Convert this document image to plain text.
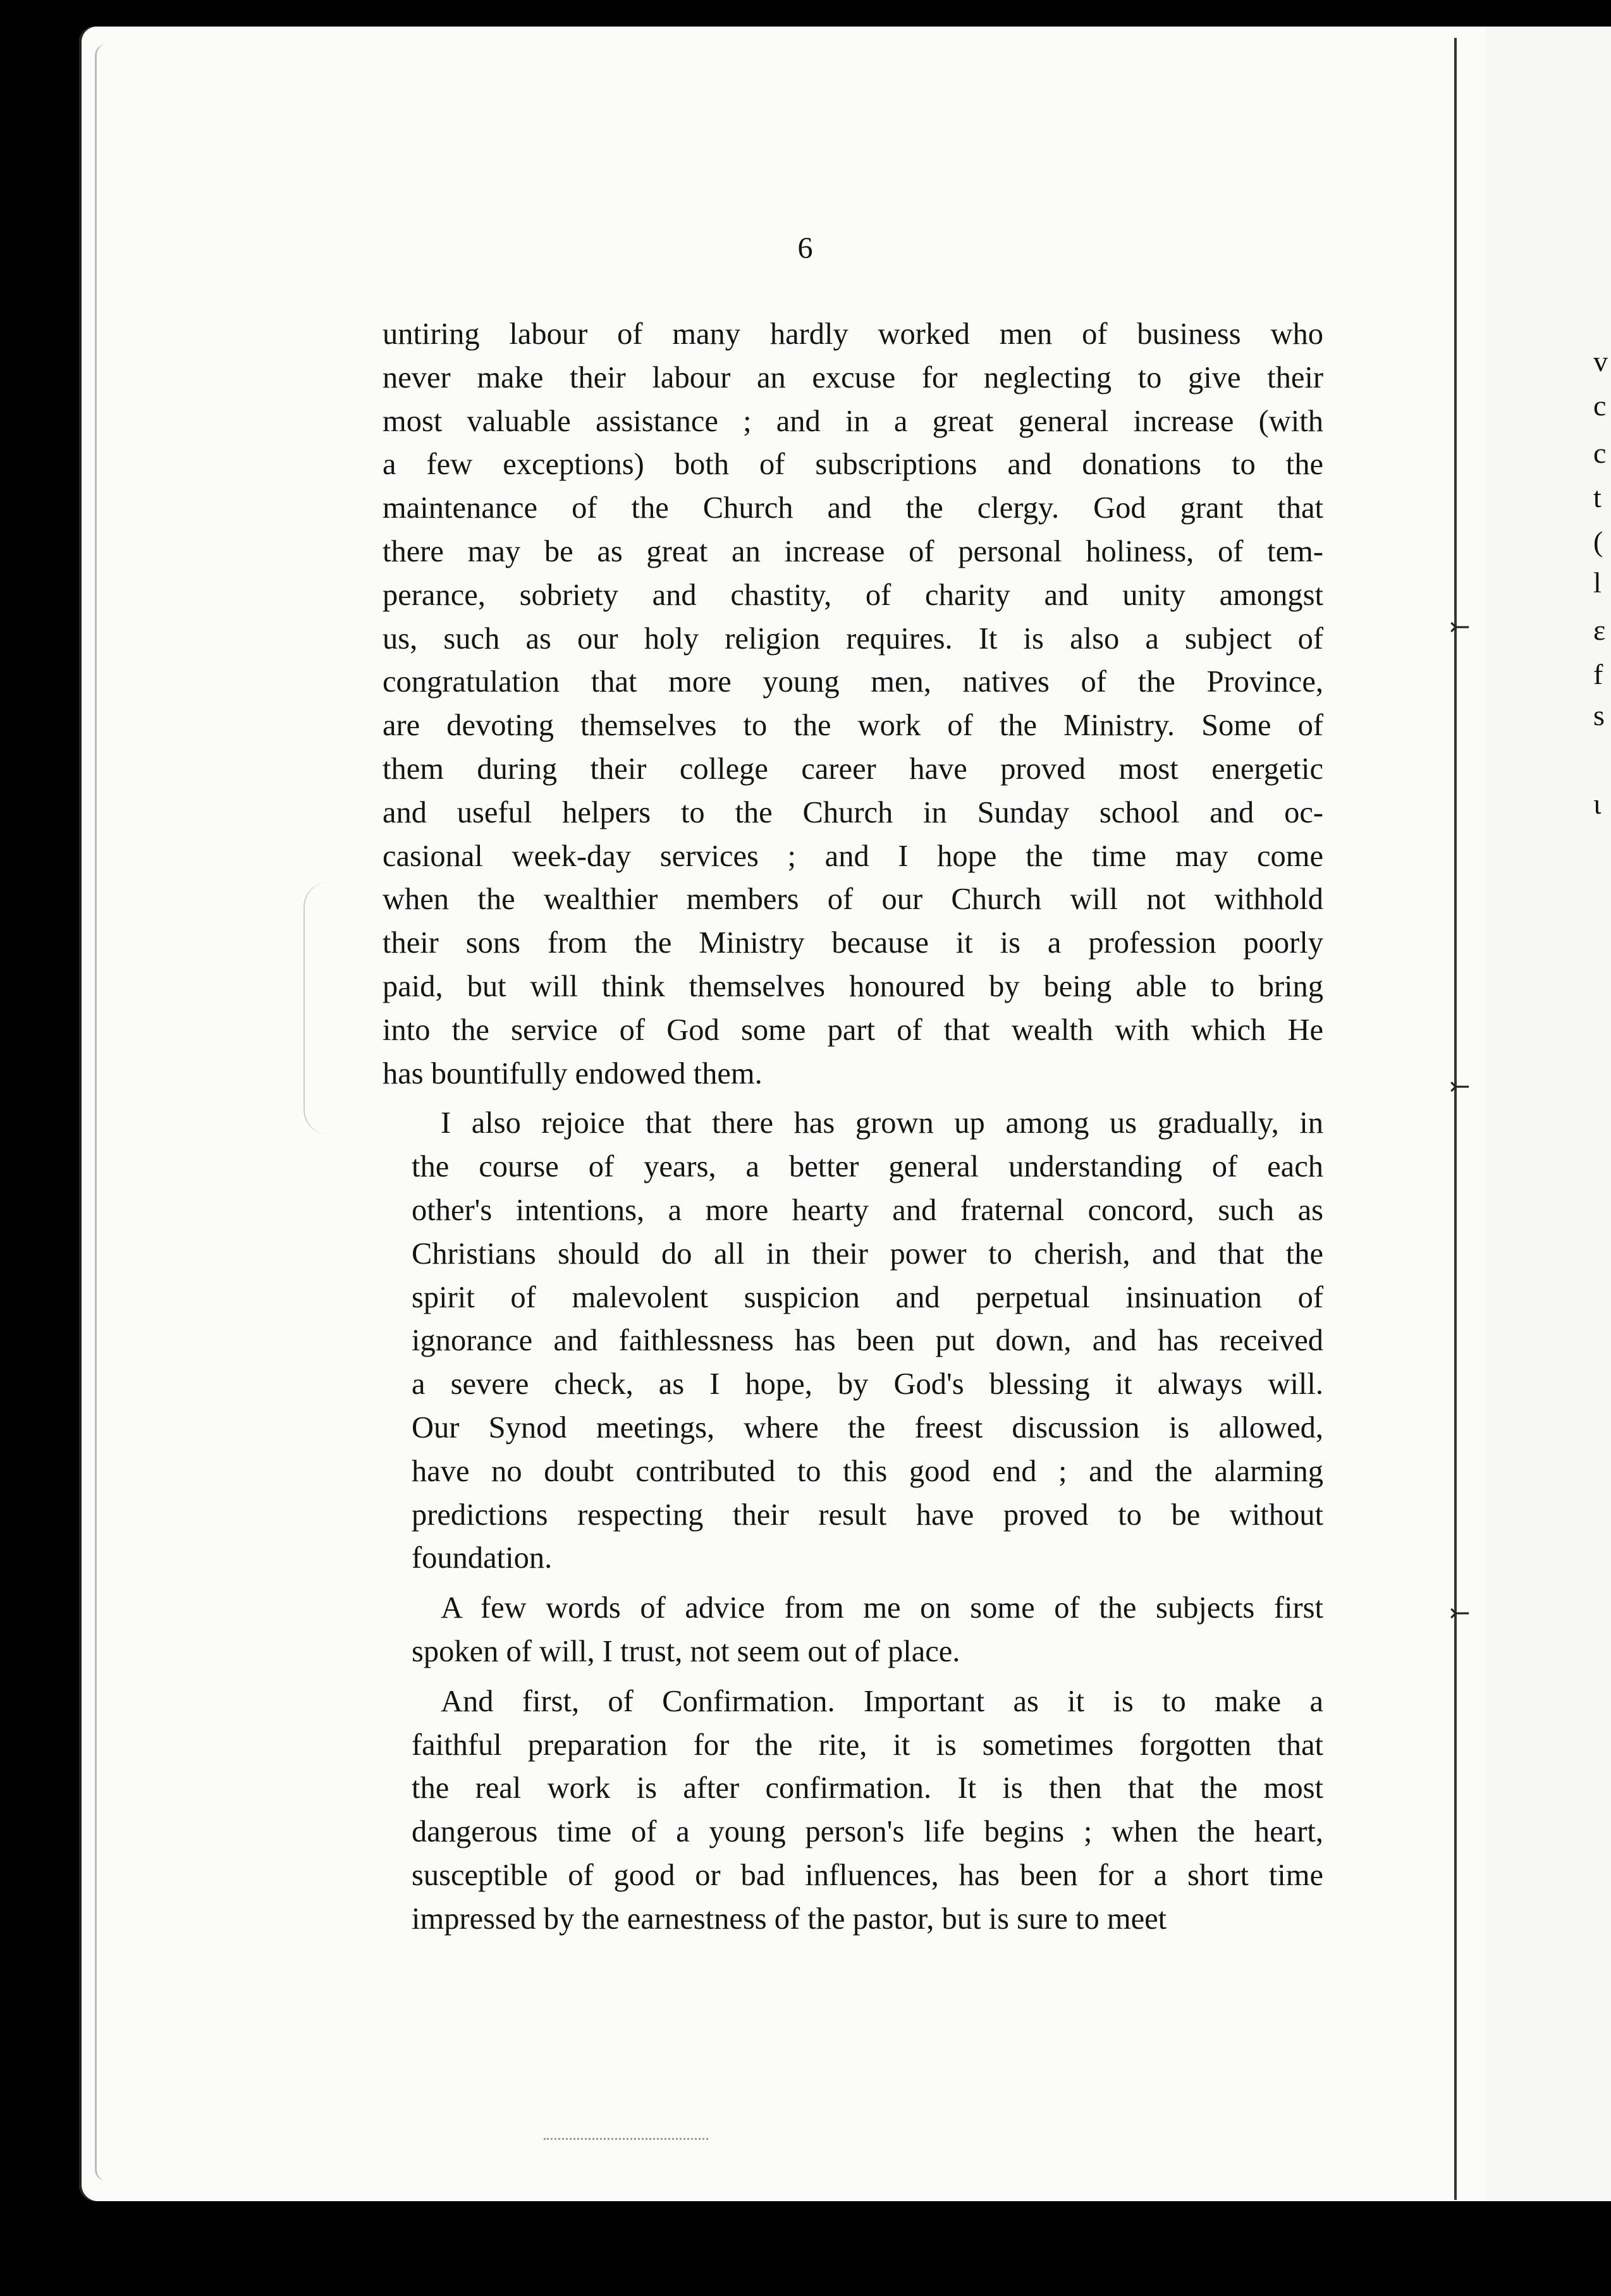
⤚
⤚
⤚
v
c
c
t
(
l
ε
f
s
ι
6
untiring labour of many hardly worked men of business who
never make their labour an excuse for neglecting to give their
most valuable assistance ; and in a great general increase (with
a few exceptions) both of subscriptions and donations to the
maintenance of the Church and the clergy. God grant that
there may be as great an increase of personal holiness, of tem-
perance, sobriety and chastity, of charity and unity amongst
us, such as our holy religion requires. It is also a subject of
congratulation that more young men, natives of the Province,
are devoting themselves to the work of the Ministry. Some of
them during their college career have proved most energetic
and useful helpers to the Church in Sunday school and oc-
casional week-day services ; and I hope the time may come
when the wealthier members of our Church will not withhold
their sons from the Ministry because it is a profession poorly
paid, but will think themselves honoured by being able to bring
into the service of God some part of that wealth with which He
has bountifully endowed them.
I also rejoice that there has grown up among us gradually, in
the course of years, a better general understanding of each
other's intentions, a more hearty and fraternal concord, such as
Christians should do all in their power to cherish, and that the
spirit of malevolent suspicion and perpetual insinuation of
ignorance and faithlessness has been put down, and has received
a severe check, as I hope, by God's blessing it always will.
Our Synod meetings, where the freest discussion is allowed,
have no doubt contributed to this good end ; and the alarming
predictions respecting their result have proved to be without
foundation.
A few words of advice from me on some of the subjects first
spoken of will, I trust, not seem out of place.
And first, of Confirmation. Important as it is to make a
faithful preparation for the rite, it is sometimes forgotten that
the real work is after confirmation. It is then that the most
dangerous time of a young person's life begins ; when the heart,
susceptible of good or bad influences, has been for a short time
impressed by the earnestness of the pastor, but is sure to meet
